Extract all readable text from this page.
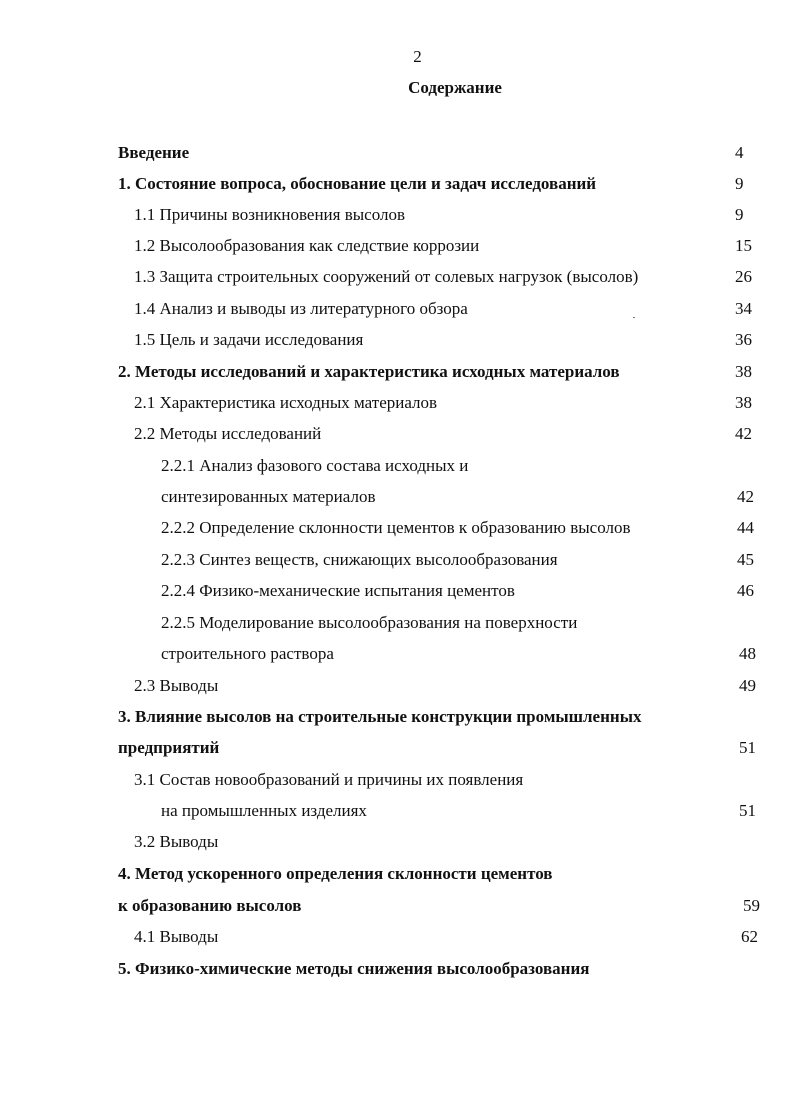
2
Содержание
Введение	4
1. Состояние вопроса, обоснование цели и задач исследований	9
1.1 Причины возникновения высолов	9
1.2 Высолообразования как следствие коррозии	15
1.3 Защита строительных сооружений от солевых нагрузок (высолов)	26
1.4 Анализ и выводы из литературного обзора	34
1.5 Цель и задачи исследования	36
2. Методы исследований и характеристика исходных материалов	38
2.1 Характеристика исходных материалов	38
2.2 Методы исследований	42
2.2.1 Анализ фазового состава исходных и
синтезированных материалов	42
2.2.2 Определение склонности цементов к образованию высолов	44
2.2.3 Синтез веществ, снижающих высолообразования	45
2.2.4 Физико-механические испытания цементов	46
2.2.5 Моделирование высолообразования на поверхности
строительного раствора	48
2.3 Выводы	49
3. Влияние высолов на строительные конструкции промышленных
предприятий	51
3.1 Состав новообразований и причины их появления
на промышленных изделиях	51
3.2 Выводы
4. Метод ускоренного определения склонности цементов
к образованию высолов	59
4.1 Выводы	62
5. Физико-химические методы снижения высолообразования
